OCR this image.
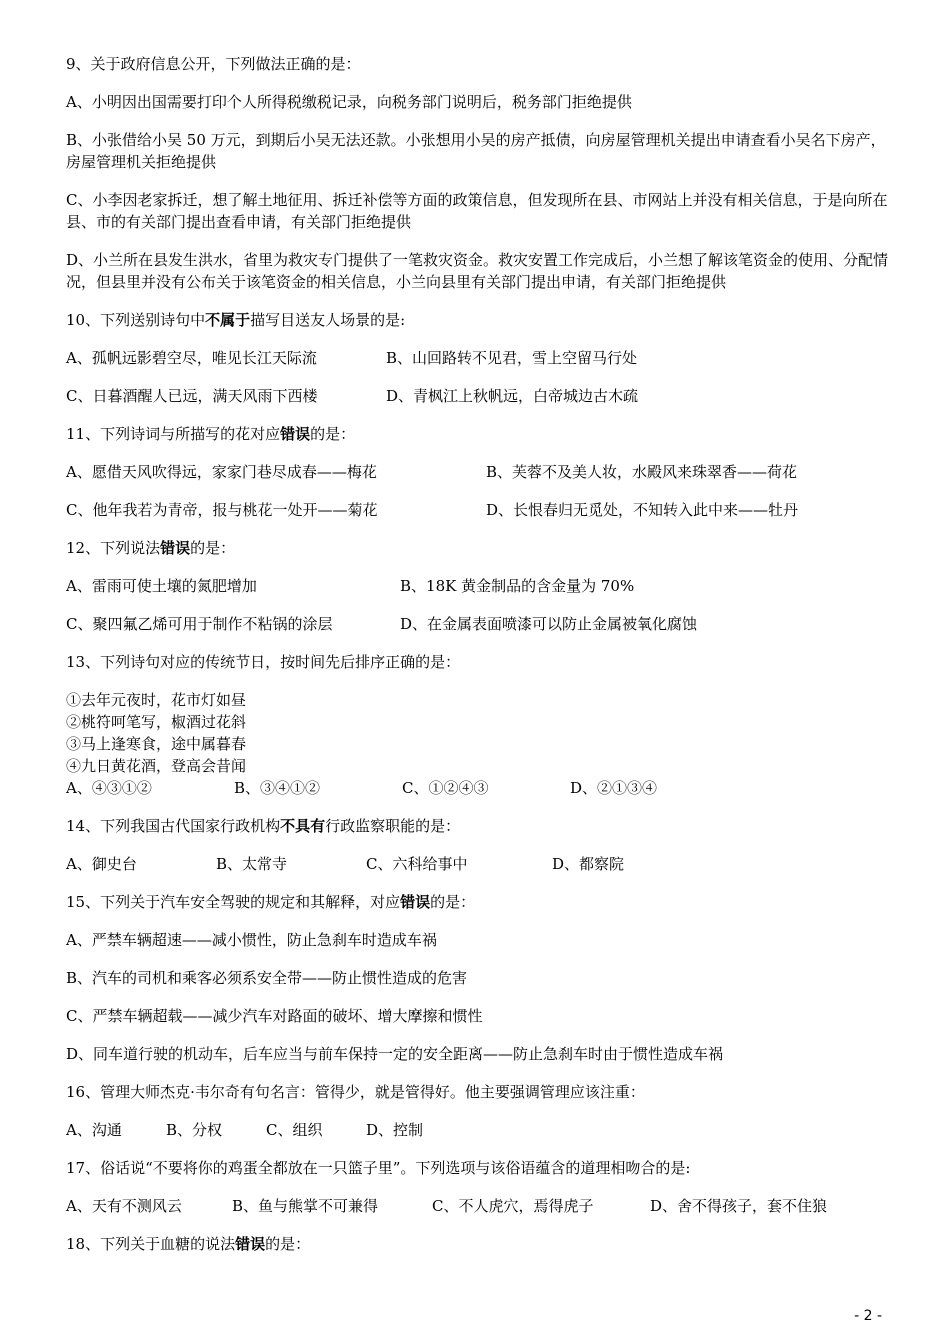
9、关于政府信息公开，下列做法正确的是：

A、小明因出国需要打印个人所得税缴税记录，向税务部门说明后，税务部门拒绝提供

B、小张借给小吴 50 万元，到期后小吴无法还款。小张想用小吴的房产抵债，向房屋管理机关提出申请查看小吴名下房产，房屋管理机关拒绝提供

C、小李因老家拆迁，想了解土地征用、拆迁补偿等方面的政策信息，但发现所在县、市网站上并没有相关信息，于是向所在县、市的有关部门提出查看申请，有关部门拒绝提供

D、小兰所在县发生洪水，省里为救灾专门提供了一笔救灾资金。救灾安置工作完成后，小兰想了解该笔资金的使用、分配情况，但县里并没有公布关于该笔资金的相关信息，小兰向县里有关部门提出申请，有关部门拒绝提供

10、下列送别诗句中不属于描写目送友人场景的是:

A、孤帆远影碧空尽，唯见长江天际流	B、山回路转不见君，雪上空留马行处
C、日暮酒醒人已远，满天风雨下西楼	D、青枫江上秋帆远，白帝城边古木疏

11、下列诗词与所描写的花对应错误的是：

A、愿借天风吹得远，家家门巷尽成春——梅花	B、芙蓉不及美人妆，水殿风来珠翠香——荷花
C、他年我若为青帝，报与桃花一处开——菊花	D、长恨春归无觅处，不知转入此中来——牡丹

12、下列说法错误的是：

A、雷雨可使土壤的氮肥增加	B、18K 黄金制品的含金量为 70%
C、聚四氟乙烯可用于制作不粘锅的涂层	D、在金属表面喷漆可以防止金属被氧化腐蚀

13、下列诗句对应的传统节日，按时间先后排序正确的是：

①去年元夜时，花市灯如昼

②桃符呵笔写，椒酒过花斜

③马上逢寒食，途中属暮春

④九日黄花酒，登高会昔闻

A、④③①②	B、③④①②	C、①②④③	D、②①③④

14、下列我国古代国家行政机构不具有行政监察职能的是：

A、御史台	B、太常寺	C、六科给事中	D、都察院

15、下列关于汽车安全驾驶的规定和其解释，对应错误的是：

A、严禁车辆超速——减小惯性，防止急刹车时造成车祸

B、汽车的司机和乘客必须系安全带——防止惯性造成的危害

C、严禁车辆超载——减少汽车对路面的破坏、增大摩擦和惯性

D、同车道行驶的机动车，后车应当与前车保持一定的安全距离——防止急刹车时由于惯性造成车祸

16、管理大师杰克·韦尔奇有句名言：管得少，就是管得好。他主要强调管理应该注重：

A、沟通	B、分权	C、组织	D、控制

17、俗话说“不要将你的鸡蛋全都放在一只篮子里”。下列选项与该俗语蕴含的道理相吻合的是:

A、天有不测风云	B、鱼与熊掌不可兼得	C、不人虎穴，焉得虎子	D、舍不得孩子，套不住狼

18、下列关于血糖的说法错误的是：

- 2 -
